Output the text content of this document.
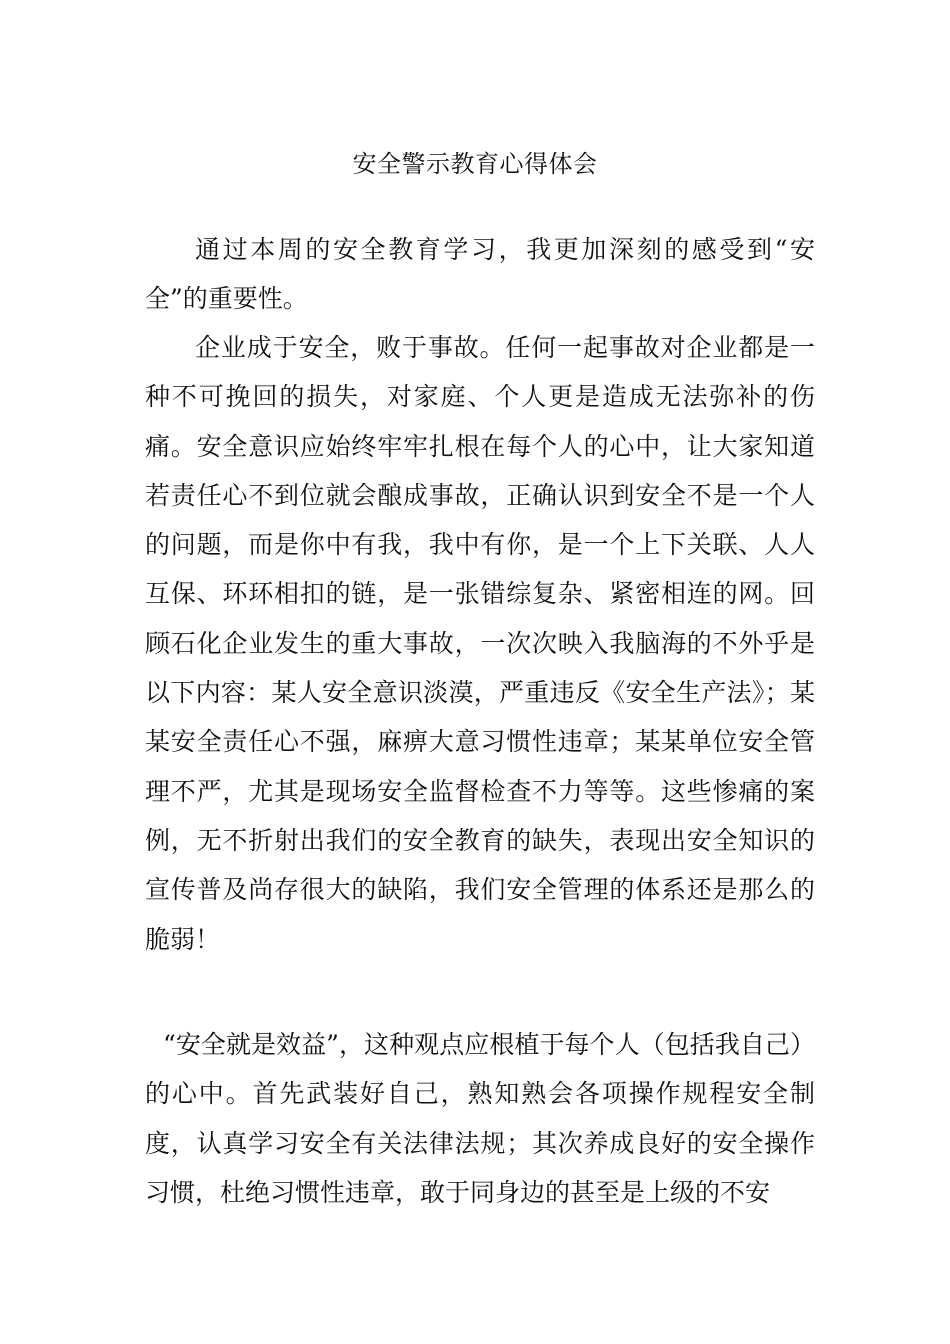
安全警示教育心得体会

通过本周的安全教育学习，我更加深刻的感受到“安全”的重要性。

企业成于安全，败于事故。任何一起事故对企业都是一种不可挽回的损失，对家庭、个人更是造成无法弥补的伤痛。安全意识应始终牢牢扎根在每个人的心中，让大家知道若责任心不到位就会酿成事故，正确认识到安全不是一个人的问题，而是你中有我，我中有你，是一个上下关联、人人互保、环环相扣的链，是一张错综复杂、紧密相连的网。回顾石化企业发生的重大事故，一次次映入我脑海的不外乎是以下内容：某人安全意识淡漠，严重违反《安全生产法》；某某安全责任心不强，麻痹大意习惯性违章；某某单位安全管理不严，尤其是现场安全监督检查不力等等。这些惨痛的案例，无不折射出我们的安全教育的缺失，表现出安全知识的宣传普及尚存很大的缺陷，我们安全管理的体系还是那么的脆弱！

“安全就是效益”，这种观点应根植于每个人（包括我自己）的心中。首先武装好自己，熟知熟会各项操作规程安全制度，认真学习安全有关法律法规；其次养成良好的安全操作习惯，杜绝习惯性违章，敢于同身边的甚至是上级的不安
